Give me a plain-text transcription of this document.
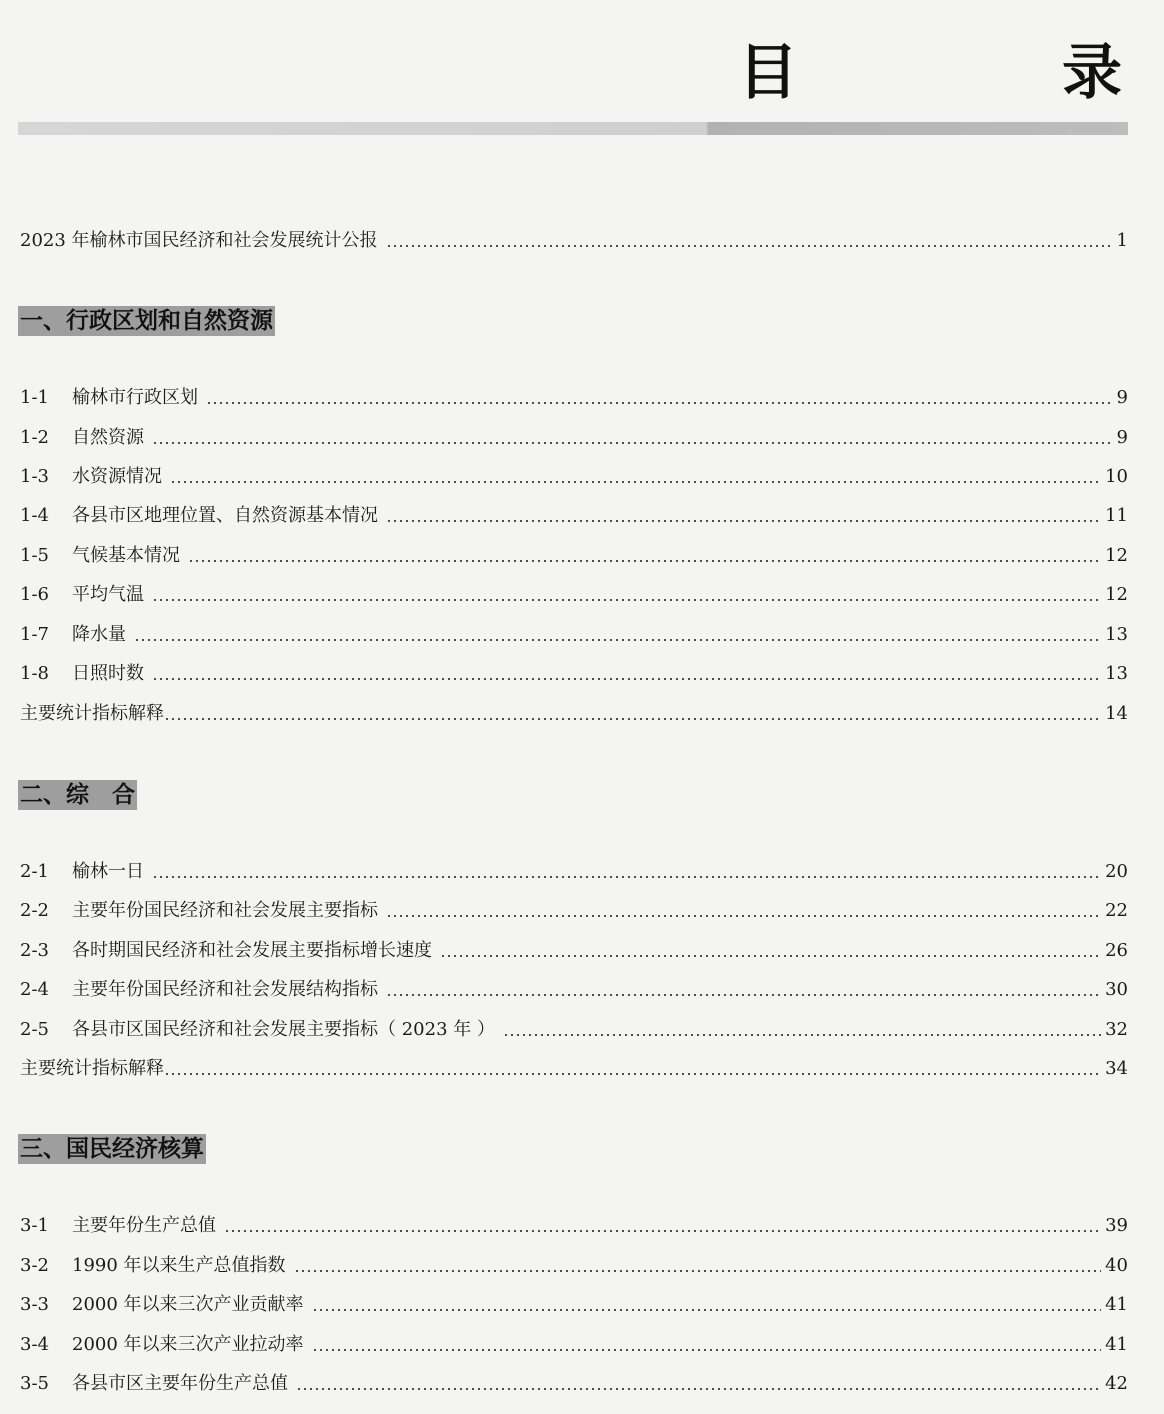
目	录
2023 年榆林市国民经济和社会发展统计公报	1
一、行政区划和自然资源
1-1	榆林市行政区划	9
1-2	自然资源	9
1-3	水资源情况	10
1-4	各县市区地理位置、自然资源基本情况	11
1-5	气候基本情况	12
1-6	平均气温	12
1-7	降水量	13
1-8	日照时数	13
主要统计指标解释	14
二、综　合
2-1	榆林一日	20
2-2	主要年份国民经济和社会发展主要指标	22
2-3	各时期国民经济和社会发展主要指标增长速度	26
2-4	主要年份国民经济和社会发展结构指标	30
2-5	各县市区国民经济和社会发展主要指标（ 2023 年 ）	32
主要统计指标解释	34
三、国民经济核算
3-1	主要年份生产总值	39
3-2	1990 年以来生产总值指数	40
3-3	2000 年以来三次产业贡献率	41
3-4	2000 年以来三次产业拉动率	41
3-5	各县市区主要年份生产总值	42
